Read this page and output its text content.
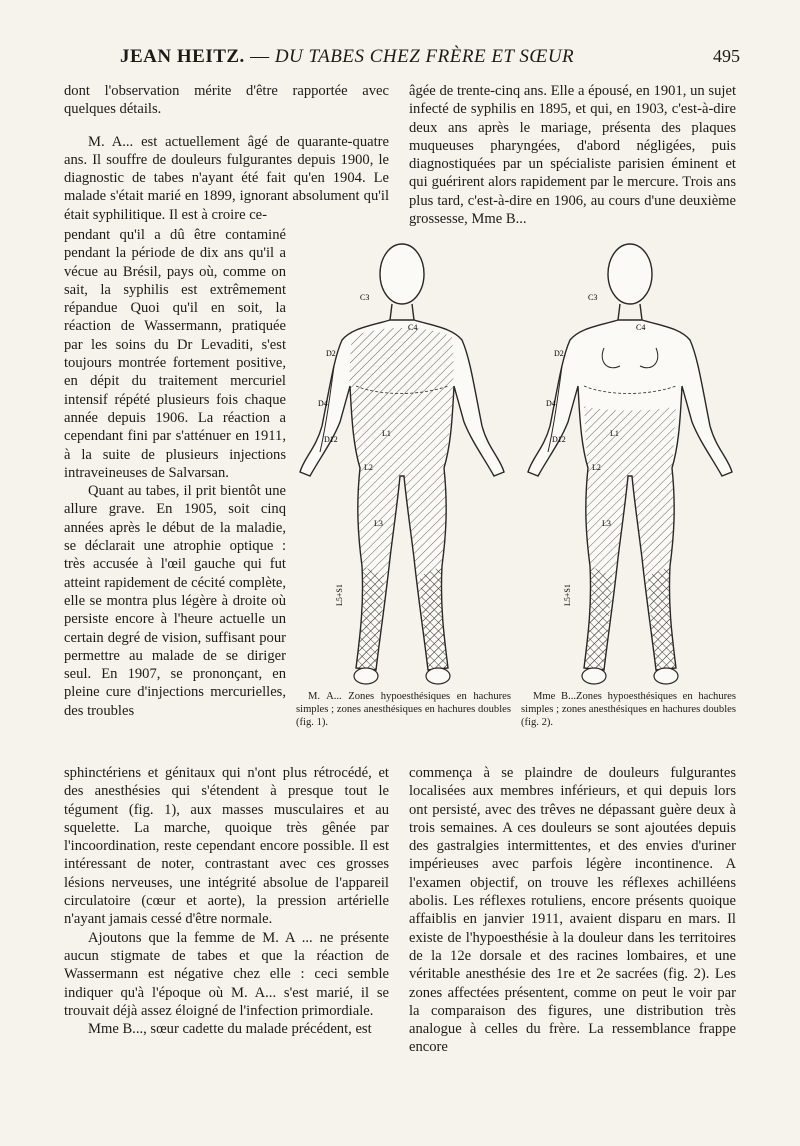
JEAN HEITZ. — DU TABES CHEZ FRÈRE ET SŒUR	495

dont l'observation mérite d'être rapportée avec quelques détails.

M. A... est actuellement âgé de quarante-quatre ans. Il souffre de douleurs fulgurantes depuis 1900, le diagnostic de tabes n'ayant été fait qu'en 1904. Le malade s'était marié en 1899, ignorant absolument qu'il était syphilitique. Il est à croire ce-

âgée de trente-cinq ans. Elle a épousé, en 1901, un sujet infecté de syphilis en 1895, et qui, en 1903, c'est-à-dire deux ans après le mariage, présenta des plaques muqueuses pharyngées, d'abord négligées, puis diagnostiquées par un spécialiste parisien éminent et qui guérirent alors rapidement par le mercure. Trois ans plus tard, c'est-à-dire en 1906, au cours d'une deuxième grossesse, Mme B...

pendant qu'il a dû être contaminé pendant la période de dix ans qu'il a vécue au Brésil, pays où, comme on sait, la syphilis est extrêmement répandue Quoi qu'il en soit, la réaction de Wassermann, pratiquée par les soins du Dr Levaditi, s'est toujours montrée fortement positive, en dépit du traitement mercuriel intensif répété plusieurs fois chaque année depuis 1906. La réaction a cependant fini par s'atténuer en 1911, à la suite de plusieurs injections intraveineuses de Salvarsan.

Quant au tabes, il prit bientôt une allure grave. En 1905, soit cinq années après le début de la maladie, se déclarait une atrophie optique : très accusée à l'œil gauche qui fut atteint rapidement de cécité complète, elle se montra plus légère à droite où persiste encore à l'heure actuelle un certain degré de vision, suffisant pour permettre au malade de se diriger seul. En 1907, se prononçant, en pleine cure d'injections mercurielles, des troubles

C3
C4
D2
D4
D12
L1
L2
L5+S1
L3
C3
C4
D2
D4
D12
L1
L2
L5+S1
L3
M. A... Zones hypoesthésiques en hachures simples ; zones anesthésiques en hachures doubles (fig. 1).
Mme B...Zones hypoesthésiques en hachures simples ; zones anesthésiques en hachures doubles (fig. 2).

sphinctériens et génitaux qui n'ont plus rétrocédé, et des anesthésies qui s'étendent à presque tout le tégument (fig. 1), aux masses musculaires et au squelette. La marche, quoique très gênée par l'incoordination, reste cependant encore possible. Il est intéressant de noter, contrastant avec ces grosses lésions nerveuses, une intégrité absolue de l'appareil circulatoire (cœur et aorte), la pression artérielle n'ayant jamais cessé d'être normale.

Ajoutons que la femme de M. A ... ne présente aucun stigmate de tabes et que la réaction de Wassermann est négative chez elle : ceci semble indiquer qu'à l'époque où M. A... s'est marié, il se trouvait déjà assez éloigné de l'infection primordiale.

Mme B..., sœur cadette du malade précédent, est

commença à se plaindre de douleurs fulgurantes localisées aux membres inférieurs, et qui depuis lors ont persisté, avec des trêves ne dépassant guère deux à trois semaines. A ces douleurs se sont ajoutées depuis des gastralgies intermittentes, et des envies d'uriner impérieuses avec parfois légère incontinence. A l'examen objectif, on trouve les réflexes achilléens abolis. Les réflexes rotuliens, encore présents quoique affaiblis en janvier 1911, avaient disparu en mars. Il existe de l'hypoesthésie à la douleur dans les territoires de la 12e dorsale et des racines lombaires, et une véritable anesthésie des 1re et 2e sacrées (fig. 2). Les zones affectées présentent, comme on peut le voir par la comparaison des figures, une distribution très analogue à celles du frère. La ressemblance frappe encore
